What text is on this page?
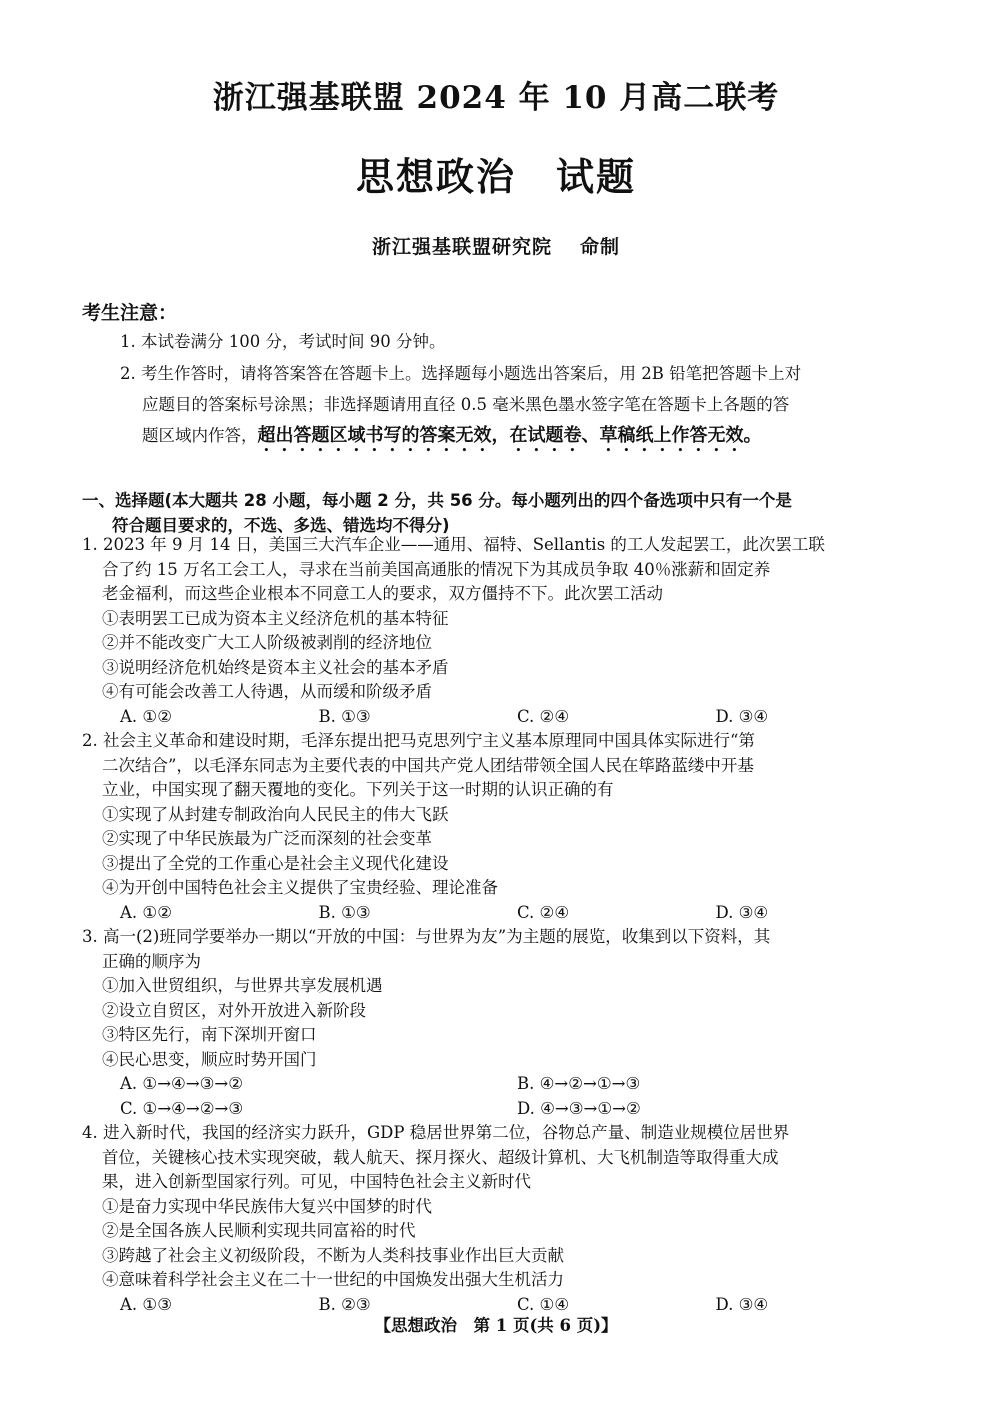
浙江强基联盟 2024 年 10 月高二联考
思想政治　试题
浙江强基联盟研究院 命制
考生注意：
1. 本试卷满分 100 分，考试时间 90 分钟。
2. 考生作答时，请将答案答在答题卡上。选择题每小题选出答案后，用 2B 铅笔把答题卡上对
应题目的答案标号涂黑；非选择题请用直径 0.5 毫米黑色墨水签字笔在答题卡上各题的答
题区域内作答，超出答题区域书写的答案无效，在试题卷、草稿纸上作答无效。
一、选择题(本大题共 28 小题，每小题 2 分，共 56 分。每小题列出的四个备选项中只有一个是
符合题目要求的，不选、多选、错选均不得分)
1. 2023 年 9 月 14 日，美国三大汽车企业——通用、福特、Sellantis 的工人发起罢工，此次罢工联
合了约 15 万名工会工人，寻求在当前美国高通胀的情况下为其成员争取 40％涨薪和固定养
老金福利，而这些企业根本不同意工人的要求，双方僵持不下。此次罢工活动
①表明罢工已成为资本主义经济危机的基本特征
②并不能改变广大工人阶级被剥削的经济地位
③说明经济危机始终是资本主义社会的基本矛盾
④有可能会改善工人待遇，从而缓和阶级矛盾
A. ①②	B. ①③	C. ②④	D. ③④
2. 社会主义革命和建设时期，毛泽东提出把马克思列宁主义基本原理同中国具体实际进行“第
二次结合”，以毛泽东同志为主要代表的中国共产党人团结带领全国人民在筚路蓝缕中开基
立业，中国实现了翻天覆地的变化。下列关于这一时期的认识正确的有
①实现了从封建专制政治向人民民主的伟大飞跃
②实现了中华民族最为广泛而深刻的社会变革
③提出了全党的工作重心是社会主义现代化建设
④为开创中国特色社会主义提供了宝贵经验、理论准备
A. ①②	B. ①③	C. ②④	D. ③④
3. 高一(2)班同学要举办一期以“开放的中国：与世界为友”为主题的展览，收集到以下资料，其
正确的顺序为
①加入世贸组织，与世界共享发展机遇
②设立自贸区，对外开放进入新阶段
③特区先行，南下深圳开窗口
④民心思变，顺应时势开国门
A. ①→④→③→②	B. ④→②→①→③
C. ①→④→②→③	D. ④→③→①→②
4. 进入新时代，我国的经济实力跃升，GDP 稳居世界第二位，谷物总产量、制造业规模位居世界
首位，关键核心技术实现突破，载人航天、探月探火、超级计算机、大飞机制造等取得重大成
果，进入创新型国家行列。可见，中国特色社会主义新时代
①是奋力实现中华民族伟大复兴中国梦的时代
②是全国各族人民顺利实现共同富裕的时代
③跨越了社会主义初级阶段，不断为人类科技事业作出巨大贡献
④意味着科学社会主义在二十一世纪的中国焕发出强大生机活力
A. ①③	B. ②③	C. ①④	D. ③④
【思想政治　第 1 页(共 6 页)】
